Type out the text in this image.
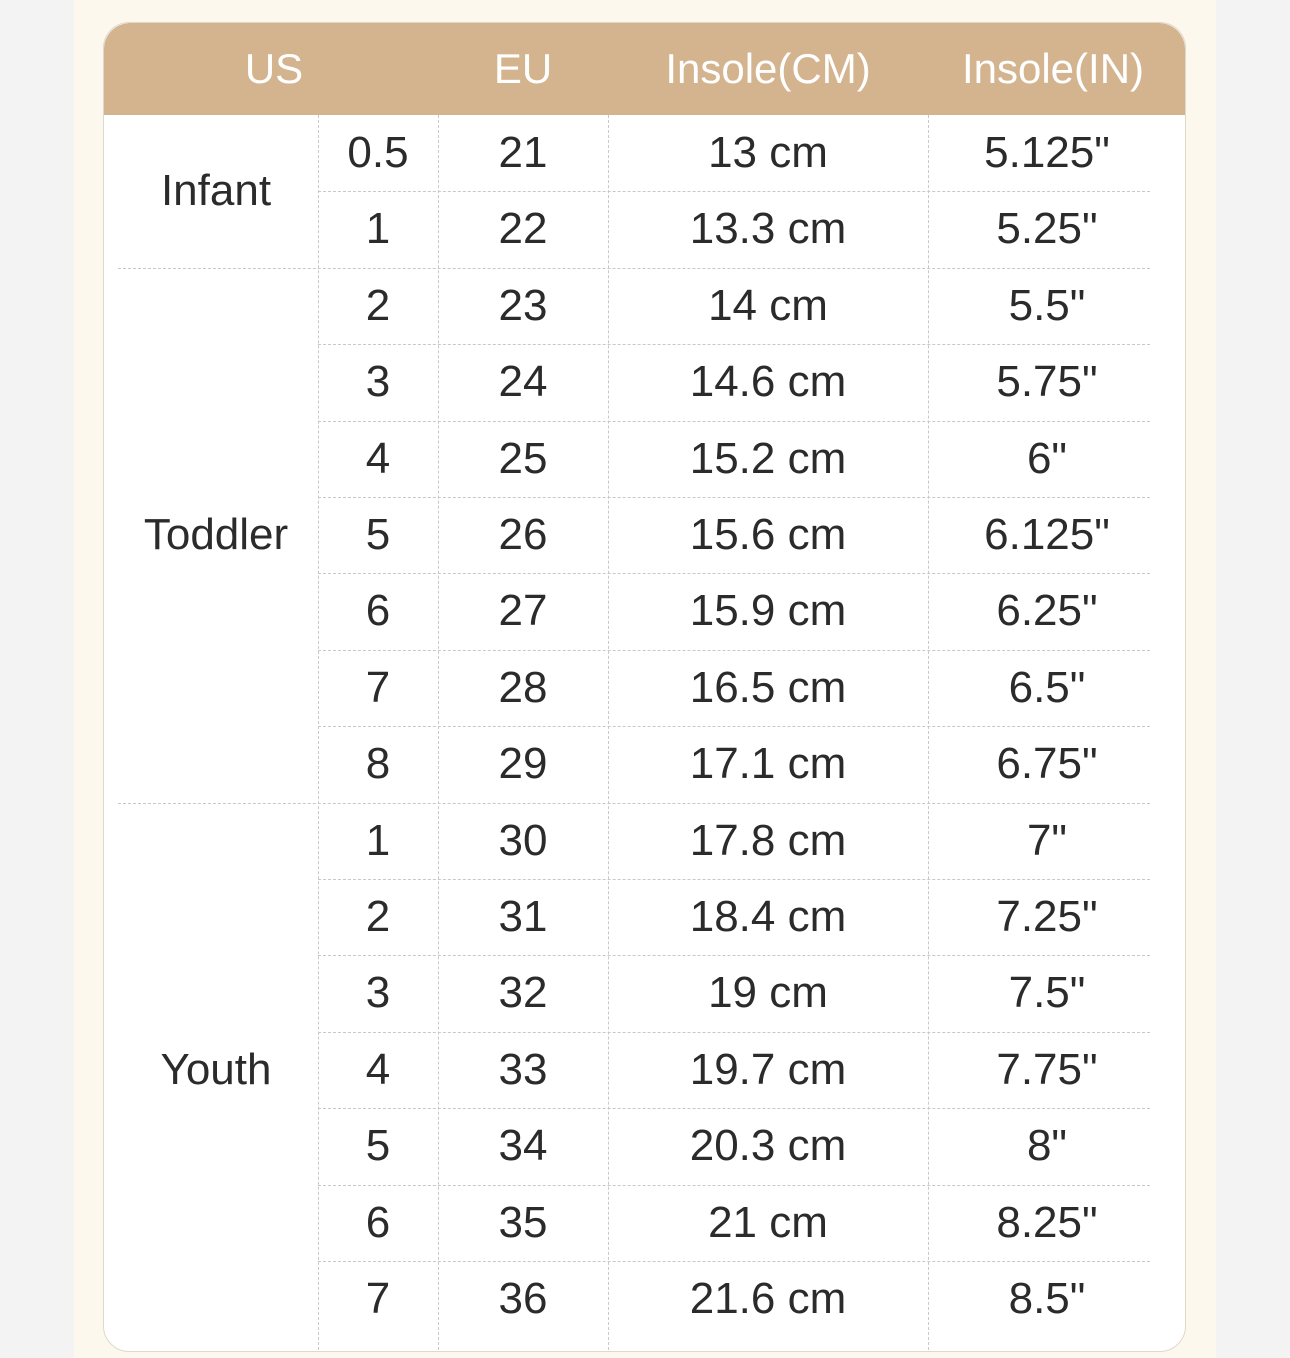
US	EU	Insole(CM)	Insole(IN)
0.5	21	13 cm	5.125"
1	22	13.3 cm	5.25"
Infant
2	23	14 cm	5.5"
3	24	14.6 cm	5.75"
4	25	15.2 cm	6"
5	26	15.6 cm	6.125"
6	27	15.9 cm	6.25"
7	28	16.5 cm	6.5"
8	29	17.1 cm	6.75"
Toddler
1	30	17.8 cm	7"
2	31	18.4 cm	7.25"
3	32	19 cm	7.5"
4	33	19.7 cm	7.75"
5	34	20.3 cm	8"
6	35	21 cm	8.25"
7	36	21.6 cm	8.5"
Youth
